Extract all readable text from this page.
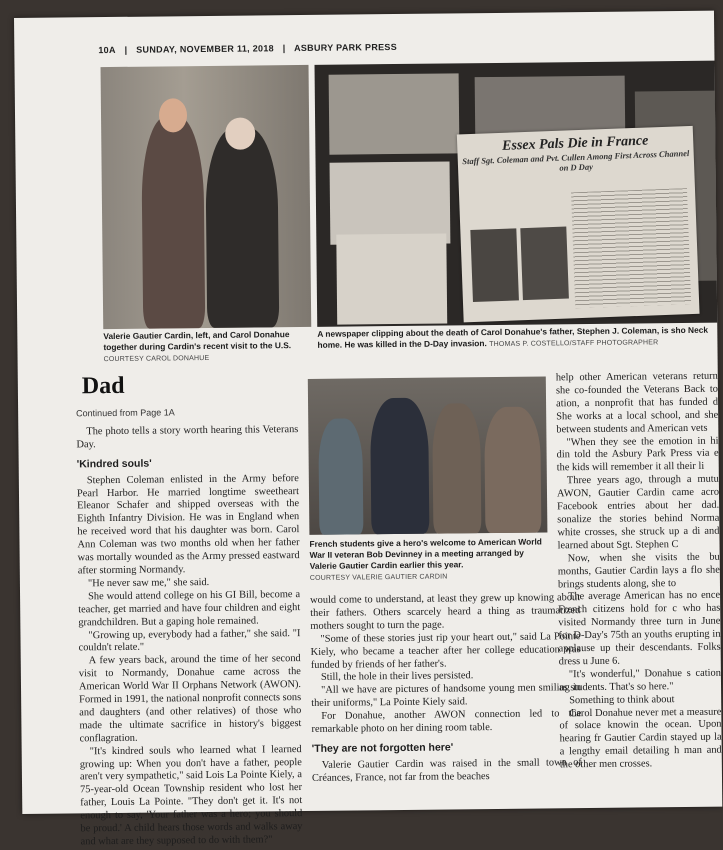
10A | SUNDAY, NOVEMBER 11, 2018 | ASBURY PARK PRESS
Valerie Gautier Cardin, left, and Carol Donahue together during Cardin's recent visit to the U.S.
COURTESY CAROL DONAHUE
Essex Pals Die in France
Staff Sgt. Coleman and Pvt. Cullen Among First Across Channel on D Day
A newspaper clipping about the death of Carol Donahue's father, Stephen J. Coleman, is sho Neck home. He was killed in the D-Day invasion. THOMAS P. COSTELLO/STAFF PHOTOGRAPHER
Dad
Continued from Page 1A

The photo tells a story worth hearing this Veterans Day.

'Kindred souls'

Stephen Coleman enlisted in the Army before Pearl Harbor. He married longtime sweetheart Eleanor Schafer and shipped overseas with the Eighth Infantry Division. He was in England when he received word that his daughter was born. Carol Ann Coleman was two months old when her father was mortally wounded as the Army pressed eastward after storming Normandy.

"He never saw me," she said.

She would attend college on his GI Bill, become a teacher, get married and have four children and eight grandchildren. But a gaping hole remained.

"Growing up, everybody had a father," she said. "I couldn't relate."

A few years back, around the time of her second visit to Normandy, Donahue came across the American World War II Orphans Network (AWON). Formed in 1991, the national nonprofit connects sons and daughters (and other relatives) of those who made the ultimate sacrifice in history's biggest conflagration.

"It's kindred souls who learned what I learned growing up: When you don't have a father, people aren't very sympathetic," said Lois La Pointe Kiely, a 75-year-old Ocean Township resident who lost her father, Louis La Pointe. "They don't get it. It's not enough to say, 'Your father was a hero; you should be proud.' A child hears those words and walks away and what are they supposed to do with them?"

French students give a hero's welcome to American World War II veteran Bob Devinney in a meeting arranged by Valerie Gautier Cardin earlier this year.
COURTESY VALERIE GAUTIER CARDIN

would come to understand, at least they grew up knowing about their fathers. Others scarcely heard a thing as traumatized mothers sought to turn the page.

"Some of these stories just rip your heart out," said La Pointe Kiely, who became a teacher after her college education was funded by friends of her father's.

Still, the hole in their lives persisted.

"All we have are pictures of handsome young men smiling in their uniforms," La Pointe Kiely said.

For Donahue, another AWON connection led to the remarkable photo on her dining room table.

'They are not forgotten here'

Valerie Gautier Cardin was raised in the small town of Créances, France, not far from the beaches

help other American veterans return she co-founded the Veterans Back to ation, a nonprofit that has funded d She works at a local school, and she between students and American vets

"When they see the emotion in hi din told the Asbury Park Press via e the kids will remember it all their li

Three years ago, through a mutu AWON, Gautier Cardin came acro Facebook entries about her dad. sonalize the stories behind Norma white crosses, she struck up a di and learned about Sgt. Stephen C

Now, when she visits the bu months, Gautier Cardin lays a flo she brings students along, she to

The average American has no ence French citizens hold for c who has visited Normandy three turn in June for D-Day's 75th an youths erupting in applause up their descendants. Folks dress u June 6.

"It's wonderful," Donahue s cation as students. That's so here."

Something to think about

Carol Donahue never met a measure of solace knowin the ocean. Upon hearing fr Gautier Cardin stayed up la a lengthy email detailing h man and the other men crosses.
